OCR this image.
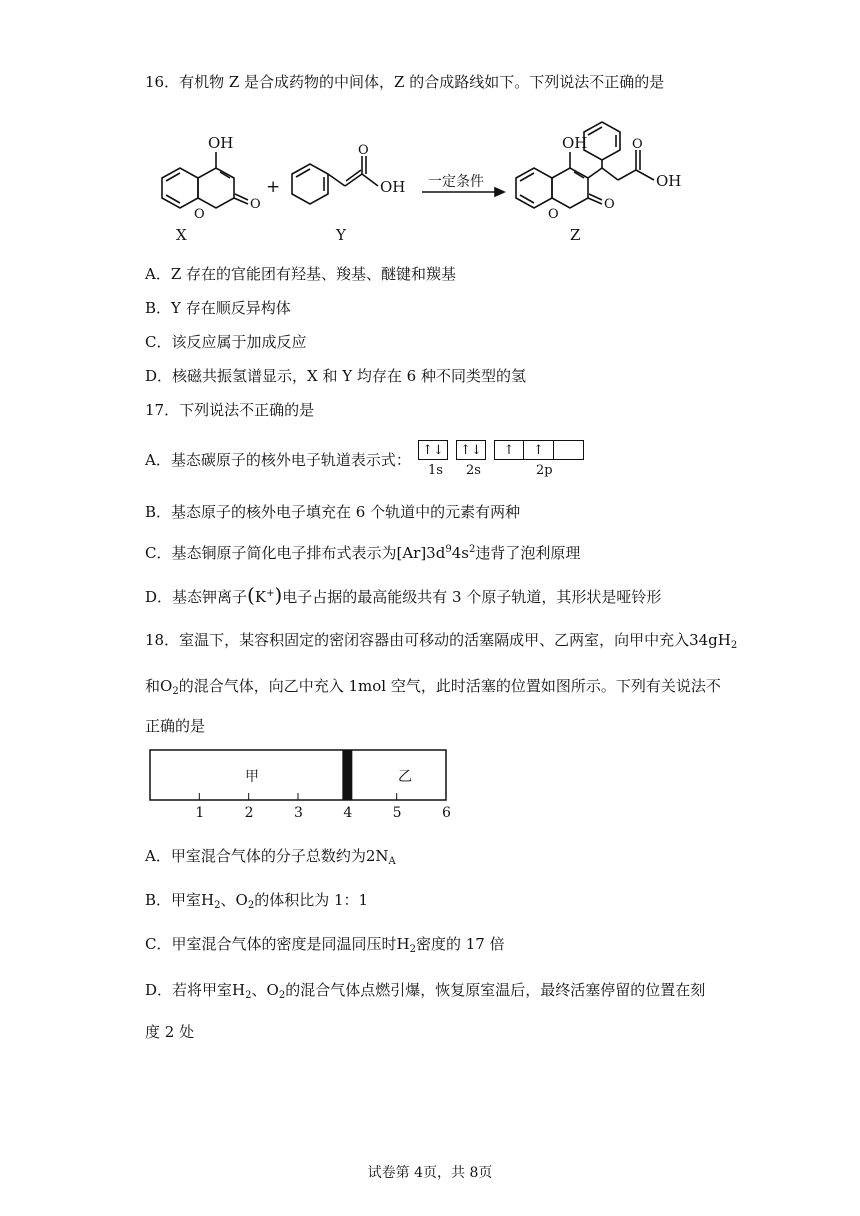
16．有机物 Z 是合成药物的中间体，Z 的合成路线如下。下列说法不正确的是
OH
O
O
X
+
O
OH
Y
一定条件
OH
O
O
Z
O
OH
A．Z 存在的官能团有羟基、羧基、醚键和羰基
B．Y 存在顺反异构体
C．该反应属于加成反应
D．核磁共振氢谱显示，X 和 Y 均存在 6 种不同类型的氢
17．下列说法不正确的是
A．基态碳原子的核外电子轨道表示式：
↑↓	↑↓	↑	↑
1s 2s	2p
B．基态原子的核外电子填充在 6 个轨道中的元素有两种
C．基态铜原子简化电子排布式表示为$[Ar]3d^94s^2$违背了泡利原理
D．基态钾离子(K+)电子占据的最高能级共有 3 个原子轨道，其形状是哑铃形
18．室温下，某容积固定的密闭容器由可移动的活塞隔成甲、乙两室，向甲中充入$34gH_2$
和$O_2$的混合气体，向乙中充入 1mol 空气，此时活塞的位置如图所示。下列有关说法不
正确的是
甲	乙
1	2	3	4	5	6
A．甲室混合气体的分子总数约为$2N_A$
B．甲室$H_2$、$O_2$的体积比为 1：1
C．甲室混合气体的密度是同温同压时$H_2$密度的 17 倍
D．若将甲室$H_2$、$O_2$的混合气体点燃引爆，恢复原室温后，最终活塞停留的位置在刻
度 2 处
试卷第 4页，共 8页
